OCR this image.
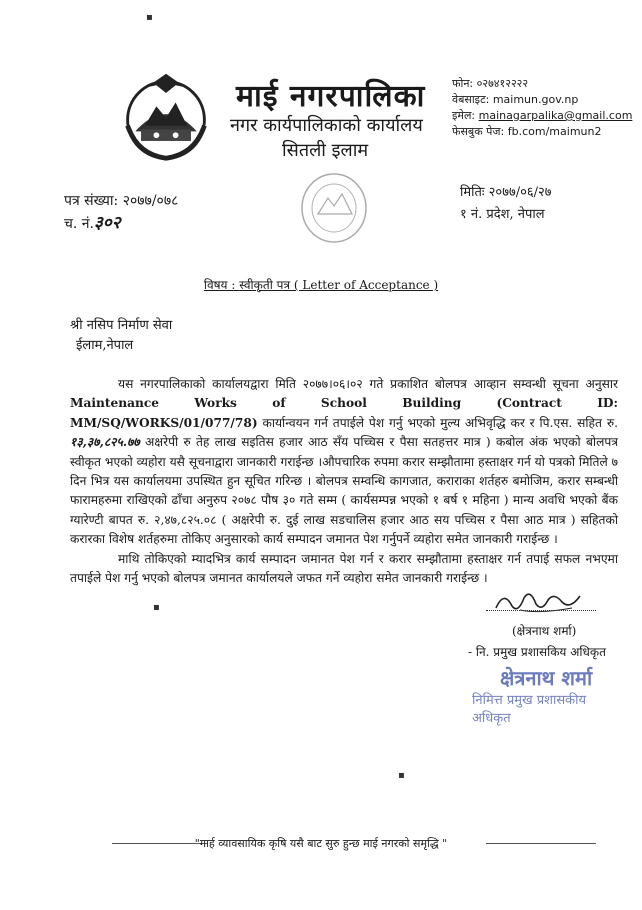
माई नगरपालिका
नगर कार्यपालिकाको कार्यालय
सितली इलाम
फोन: ०२७४१२२२२
वेबसाइट: maimun.gov.np
इमेल: mainagarpalika@gmail.com
फेसबुक पेज: fb.com/maimun2
पत्र संख्या: २०७७/०७८
च. नं.३०२
मितिः २०७७/०६/२७
१ नं. प्रदेश, नेपाल
विषय : स्वीकृती पत्र ( Letter of Acceptance )
श्री नसिप निर्माण सेवा
ईलाम,नेपाल

यस नगरपालिकाको कार्यालयद्वारा मिति २०७७।०६।०२ गते प्रकाशित बोलपत्र आव्हान सम्वन्धी सूचना अनुसार Maintenance Works of School Building (Contract ID: MM/SQ/WORKS/01/077/78) कार्यान्वयन गर्न तपाईले पेश गर्नु भएको मुल्य अभिवृद्धि कर र पि.एस. सहित रु. १३,३७,८२५.७७ अक्षरेपी रु तेह लाख सइतिस हजार आठ सँय पच्चिस र पैसा सतहत्तर मात्र ) कबोल अंक भएको बोलपत्र स्वीकृत भएको व्यहोरा यसै सूचनाद्वारा जानकारी गराईन्छ ।औपचारिक रुपमा करार सम्झौतामा हस्ताक्षर गर्न यो पत्रको मितिले ७ दिन भित्र यस कार्यालयमा उपस्थित हुन सूचित गरिन्छ । बोलपत्र सम्वन्धि कागजात, कराराका शर्तहरु बमोजिम, करार सम्बन्धी फारामहरुमा राखिएको ढाँचा अनुरुप २०७८ पौष ३० गते सम्म ( कार्यसम्पन्न भएको १ बर्ष १ महिना ) मान्य अवधि भएको बैंक ग्यारेण्टी बापत रु. २,४७,८२५.०८ ( अक्षरेपी रु. दुई लाख सडचालिस हजार आठ सय पच्चिस र पैसा आठ मात्र ) सहितको करारका विशेष शर्तहरुमा तोकिए अनुसारको कार्य सम्पादन जमानत पेश गर्नुपर्ने व्यहोरा समेत जानकारी गराईन्छ ।

माथि तोकिएको म्यादभित्र कार्य सम्पादन जमानत पेश गर्न र करार सम्झौतामा हस्ताक्षर गर्न तपाई सफल नभएमा तपाईले पेश गर्नु भएको बोलपत्र जमानत कार्यालयले जफत गर्ने व्यहोरा समेत जानकारी गराईन्छ ।

(क्षेत्रनाथ शर्मा)
- नि. प्रमुख प्रशासकिय अधिकृत
क्षेत्रनाथ शर्मा
निमित्त प्रमुख प्रशासकीय अधिकृत
▪
▪
▪
"गार्ह व्यावसायिक कृषि यसै बाट सुरु हुन्छ माई नगरको समृद्धि "
